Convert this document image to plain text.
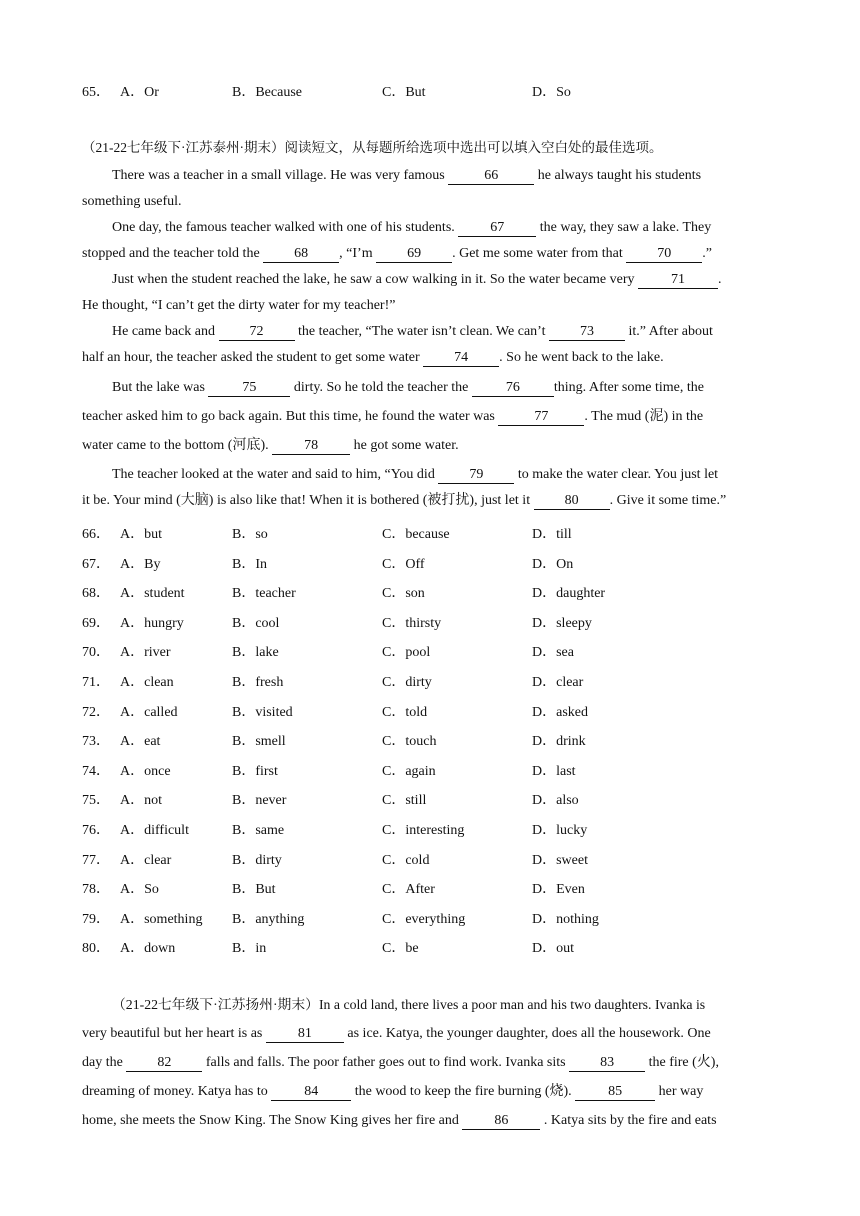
65． A．Or	B．Because	C．But	D．So
（21-22七年级下·江苏泰州·期末）阅读短文，从每题所给选项中选出可以填入空白处的最佳选项。
There was a teacher in a small village. He was very famous	66	he always taught his students
something useful.
One day, the famous teacher walked with one of his students. 67 the way, they saw a lake. They
stopped and the teacher told the 68 , “I’m 69 . Get me some water from that 70 .”
Just when the student reached the lake, he saw a cow walking in it. So the water became very 71 .
He thought, “I can’t get the dirty water for my teacher!”
He came back and 72 the teacher, “The water isn’t clean. We can’t 73 it.” After about
half an hour, the teacher asked the student to get some water 74 . So he went back to the lake.
But the lake was 75 dirty. So he told the teacher the 76 thing. After some time, the
teacher asked him to go back again. But this time, he found the water was	77	. The mud (泥) in the
water came to the bottom (河底). 78 he got some water.
The teacher looked at the water and said to him, “You did 79 to make the water clear. You just let
it be. Your mind (大脑) is also like that! When it is bothered (被打扰), just let it 80 . Give it some time.”
66． A．but	B．so	C．because	D．till
67． A．By	B．In	C．Off	D．On
68． A．student	B．teacher	C．son	D．daughter
69． A．hungry	B．cool	C．thirsty	D．sleepy
70． A．river	B．lake	C．pool	D．sea
71． A．clean	B．fresh	C．dirty	D．clear
72． A．called	B．visited	C．told	D．asked
73． A．eat	B．smell	C．touch	D．drink
74． A．once	B．first	C．again	D．last
75． A．not	B．never	C．still	D．also
76． A．difficult	B．same	C．interesting	D．lucky
77． A．clear	B．dirty	C．cold	D．sweet
78． A．So	B．But	C．After	D．Even
79． A．something B．anything	C．everything	D．nothing
80． A．down	B．in	C．be	D．out
（21-22七年级下·江苏扬州·期末）In a cold land, there lives a poor man and his two daughters. Ivanka is
very beautiful but her heart is as 81 as ice. Katya, the younger daughter, does all the housework. One
day the 82 falls and falls. The poor father goes out to find work. Ivanka sits 83 the fire (火),
dreaming of money. Katya has to 84 the wood to keep the fire burning (烧). 85 her way
home, she meets the Snow King. The Snow King gives her fire and 86 . Katya sits by the fire and eats
